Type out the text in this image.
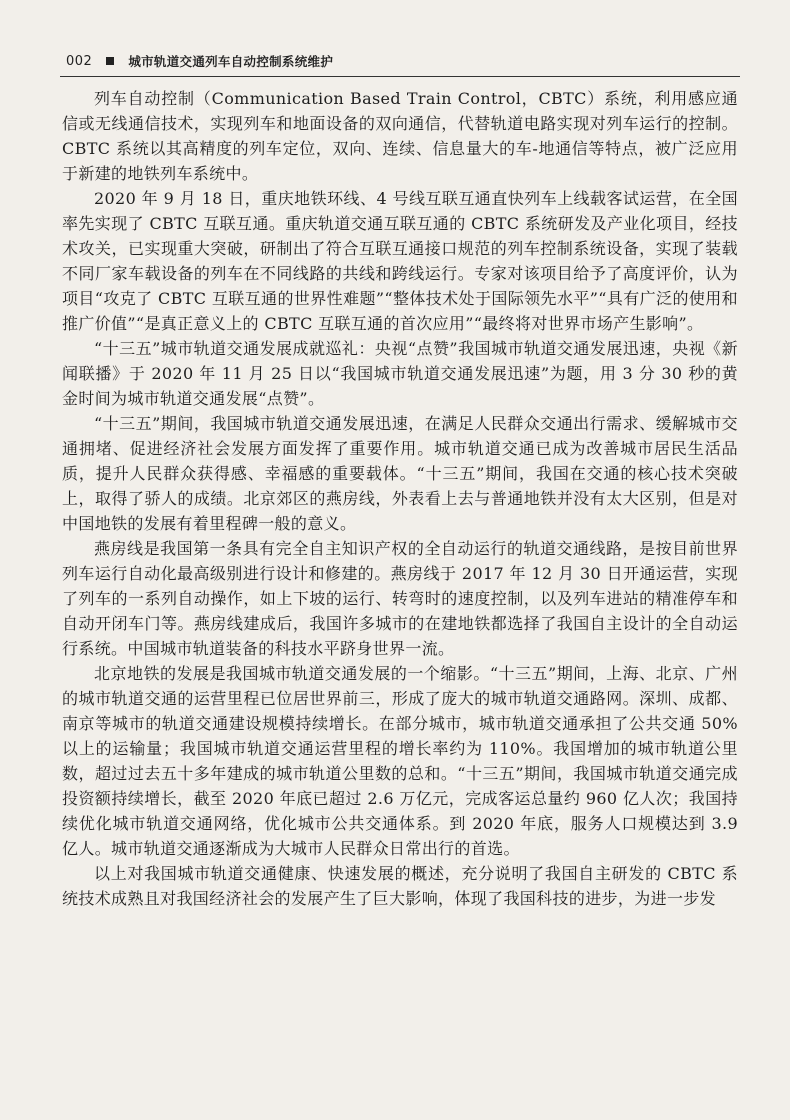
002	城市轨道交通列车自动控制系统维护

列车自动控制（Communication Based Train Control，CBTC）系统，利用感应通信或无线通信技术，实现列车和地面设备的双向通信，代替轨道电路实现对列车运行的控制。CBTC 系统以其高精度的列车定位，双向、连续、信息量大的车-地通信等特点，被广泛应用于新建的地铁列车系统中。

2020 年 9 月 18 日，重庆地铁环线、4 号线互联互通直快列车上线载客试运营，在全国率先实现了 CBTC 互联互通。重庆轨道交通互联互通的 CBTC 系统研发及产业化项目，经技术攻关，已实现重大突破，研制出了符合互联互通接口规范的列车控制系统设备，实现了装载不同厂家车载设备的列车在不同线路的共线和跨线运行。专家对该项目给予了高度评价，认为项目“攻克了 CBTC 互联互通的世界性难题”“整体技术处于国际领先水平”“具有广泛的使用和推广价值”“是真正意义上的 CBTC 互联互通的首次应用”“最终将对世界市场产生影响”。

“十三五”城市轨道交通发展成就巡礼：央视“点赞”我国城市轨道交通发展迅速，央视《新闻联播》于 2020 年 11 月 25 日以“我国城市轨道交通发展迅速”为题，用 3 分 30 秒的黄金时间为城市轨道交通发展“点赞”。

“十三五”期间，我国城市轨道交通发展迅速，在满足人民群众交通出行需求、缓解城市交通拥堵、促进经济社会发展方面发挥了重要作用。城市轨道交通已成为改善城市居民生活品质，提升人民群众获得感、幸福感的重要载体。“十三五”期间，我国在交通的核心技术突破上，取得了骄人的成绩。北京郊区的燕房线，外表看上去与普通地铁并没有太大区别，但是对中国地铁的发展有着里程碑一般的意义。

燕房线是我国第一条具有完全自主知识产权的全自动运行的轨道交通线路，是按目前世界列车运行自动化最高级别进行设计和修建的。燕房线于 2017 年 12 月 30 日开通运营，实现了列车的一系列自动操作，如上下坡的运行、转弯时的速度控制，以及列车进站的精准停车和自动开闭车门等。燕房线建成后，我国许多城市的在建地铁都选择了我国自主设计的全自动运行系统。中国城市轨道装备的科技水平跻身世界一流。

北京地铁的发展是我国城市轨道交通发展的一个缩影。“十三五”期间，上海、北京、广州的城市轨道交通的运营里程已位居世界前三，形成了庞大的城市轨道交通路网。深圳、成都、南京等城市的轨道交通建设规模持续增长。在部分城市，城市轨道交通承担了公共交通 50% 以上的运输量；我国城市轨道交通运营里程的增长率约为 110%。我国增加的城市轨道公里数，超过过去五十多年建成的城市轨道公里数的总和。“十三五”期间，我国城市轨道交通完成投资额持续增长，截至 2020 年底已超过 2.6 万亿元，完成客运总量约 960 亿人次；我国持续优化城市轨道交通网络，优化城市公共交通体系。到 2020 年底，服务人口规模达到 3.9 亿人。城市轨道交通逐渐成为大城市人民群众日常出行的首选。

以上对我国城市轨道交通健康、快速发展的概述，充分说明了我国自主研发的 CBTC 系统技术成熟且对我国经济社会的发展产生了巨大影响，体现了我国科技的进步，为进一步发
